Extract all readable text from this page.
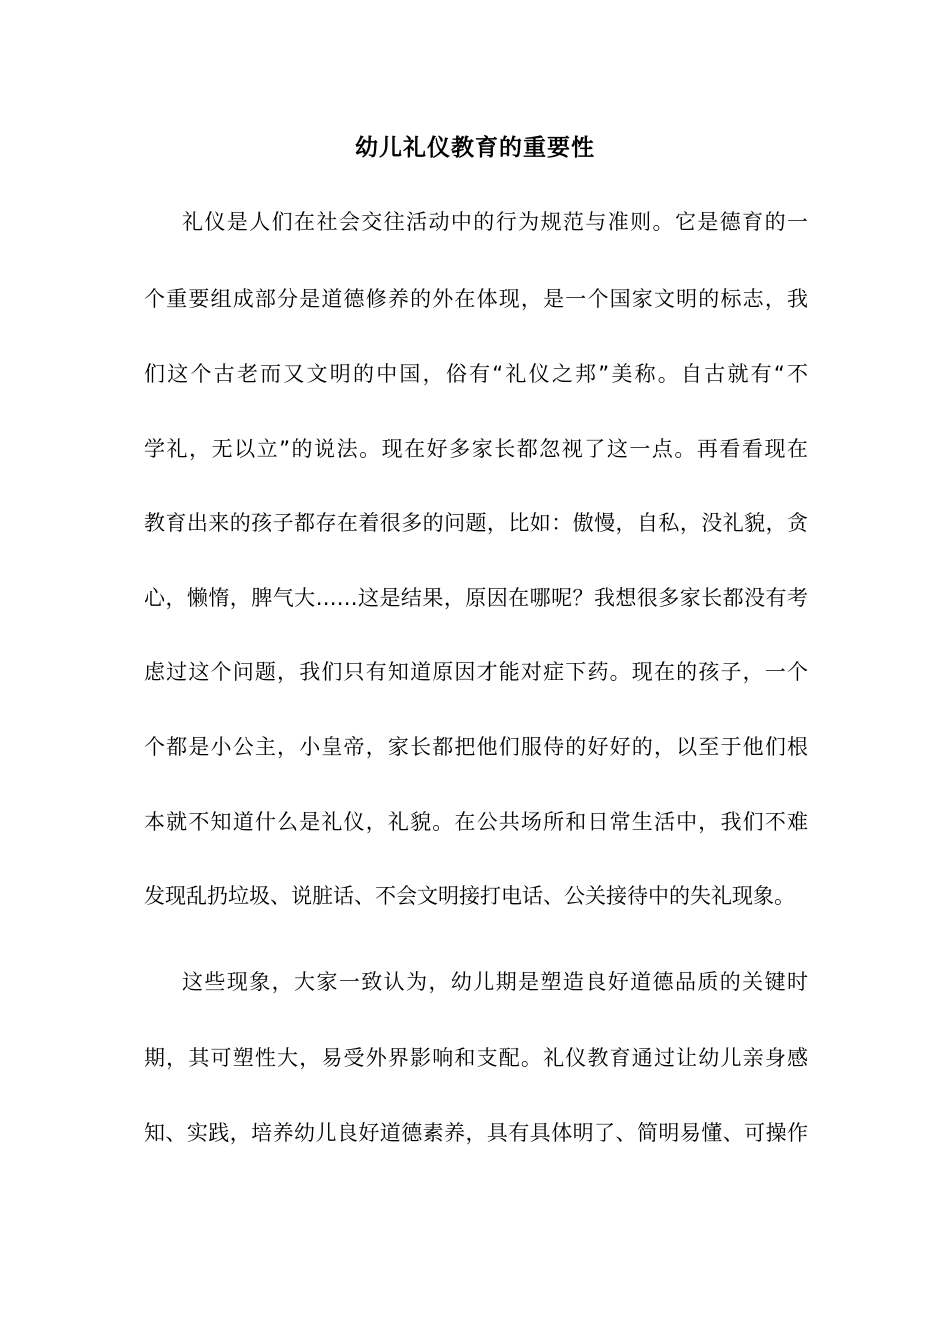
幼儿礼仪教育的重要性
礼仪是人们在社会交往活动中的行为规范与准则。它是德育的一
个重要组成部分是道德修养的外在体现，是一个国家文明的标志，我
们这个古老而又文明的中国，俗有“礼仪之邦”美称。自古就有“不
学礼，无以立”的说法。现在好多家长都忽视了这一点。再看看现在
教育出来的孩子都存在着很多的问题，比如：傲慢，自私，没礼貌，贪
心，懒惰，脾气大……这是结果，原因在哪呢？我想很多家长都没有考
虑过这个问题，我们只有知道原因才能对症下药。现在的孩子，一个
个都是小公主，小皇帝，家长都把他们服侍的好好的，以至于他们根
本就不知道什么是礼仪，礼貌。在公共场所和日常生活中，我们不难
发现乱扔垃圾、说脏话、不会文明接打电话、公关接待中的失礼现象。
这些现象，大家一致认为，幼儿期是塑造良好道德品质的关键时
期，其可塑性大，易受外界影响和支配。礼仪教育通过让幼儿亲身感
知、实践，培养幼儿良好道德素养，具有具体明了、简明易懂、可操作
